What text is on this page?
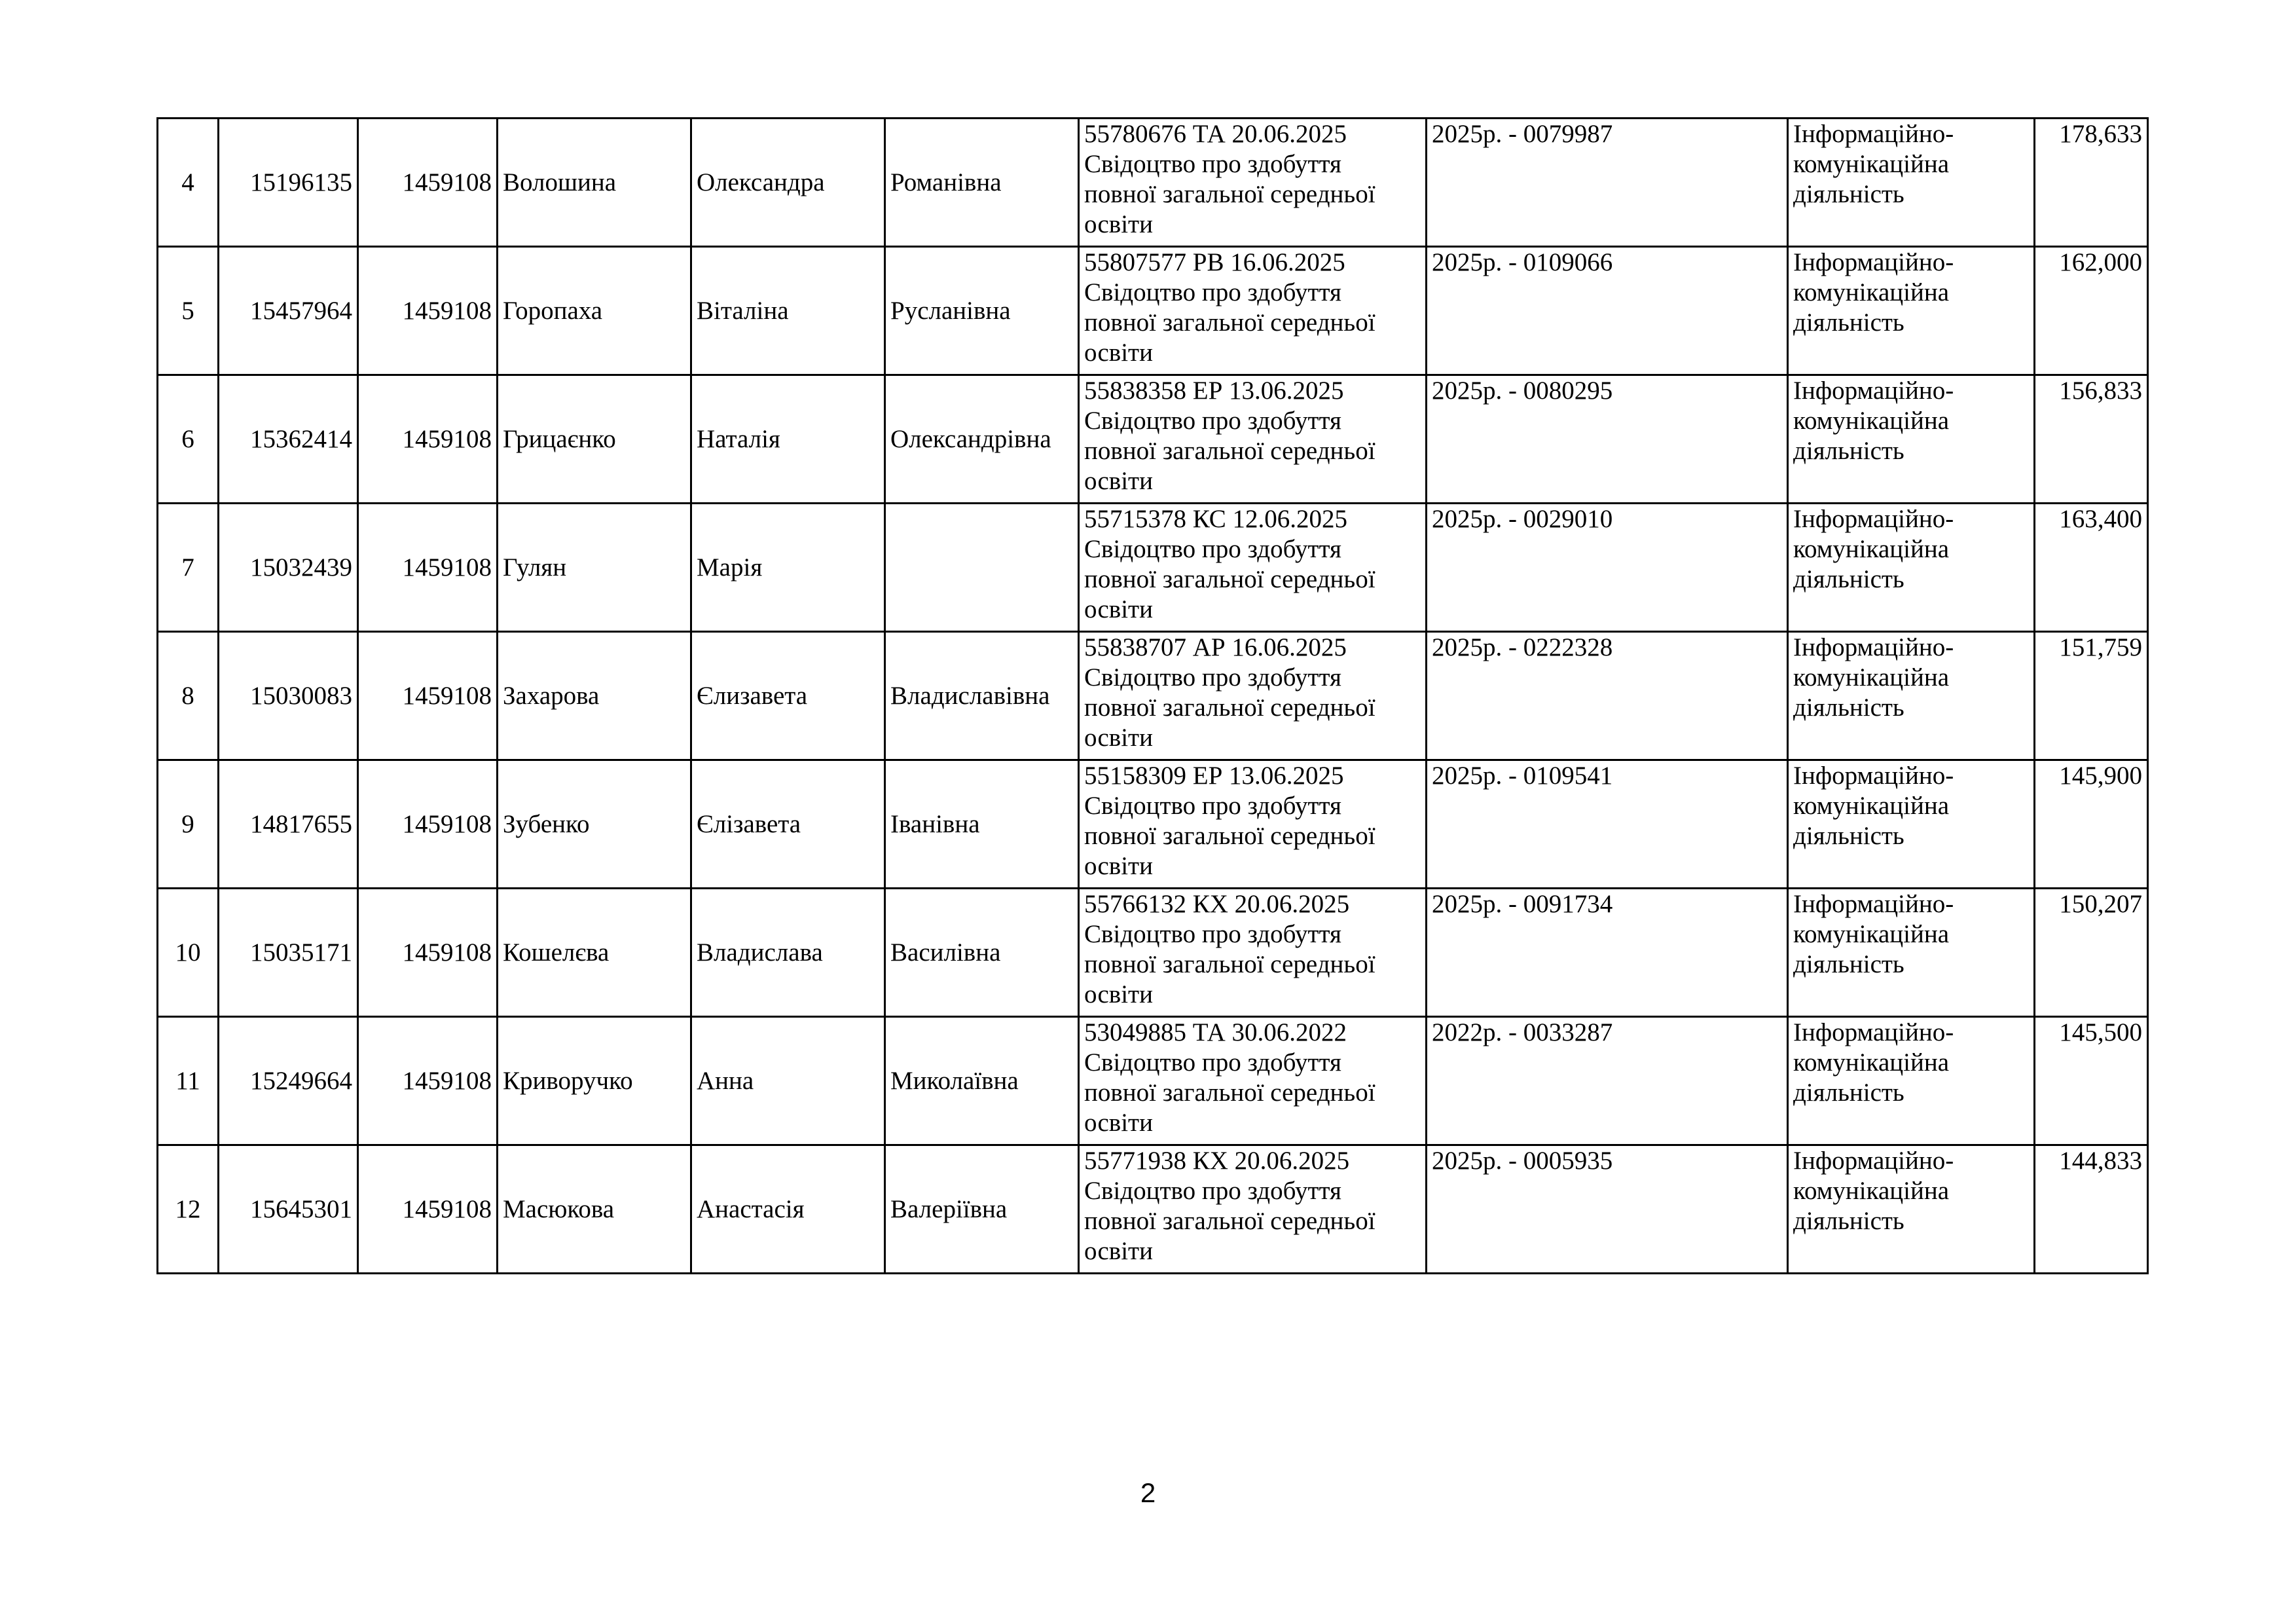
4	15196135	1459108	Волошина	Олександра	Романівна	55780676 ТА 20.06.2025
Свідоцтво про здобуття
повної загальної середньої
освіти	2025р. - 0079987	Інформаційно-
комунікаційна
діяльність	178,633
5	15457964	1459108	Горопаха	Віталіна	Русланівна	55807577 РВ 16.06.2025
Свідоцтво про здобуття
повної загальної середньої
освіти	2025р. - 0109066	Інформаційно-
комунікаційна
діяльність	162,000
6	15362414	1459108	Грицаєнко	Наталія	Олександрівна	55838358 ЕР 13.06.2025
Свідоцтво про здобуття
повної загальної середньої
освіти	2025р. - 0080295	Інформаційно-
комунікаційна
діяльність	156,833
7	15032439	1459108	Гулян	Марія		55715378 КС 12.06.2025
Свідоцтво про здобуття
повної загальної середньої
освіти	2025р. - 0029010	Інформаційно-
комунікаційна
діяльність	163,400
8	15030083	1459108	Захарова	Єлизавета	Владиславівна	55838707 АР 16.06.2025
Свідоцтво про здобуття
повної загальної середньої
освіти	2025р. - 0222328	Інформаційно-
комунікаційна
діяльність	151,759
9	14817655	1459108	Зубенко	Єлізавета	Іванівна	55158309 ЕР 13.06.2025
Свідоцтво про здобуття
повної загальної середньої
освіти	2025р. - 0109541	Інформаційно-
комунікаційна
діяльність	145,900
10	15035171	1459108	Кошелєва	Владислава	Василівна	55766132 КХ 20.06.2025
Свідоцтво про здобуття
повної загальної середньої
освіти	2025р. - 0091734	Інформаційно-
комунікаційна
діяльність	150,207
11	15249664	1459108	Криворучко	Анна	Миколаївна	53049885 ТА 30.06.2022
Свідоцтво про здобуття
повної загальної середньої
освіти	2022р. - 0033287	Інформаційно-
комунікаційна
діяльність	145,500
12	15645301	1459108	Масюкова	Анастасія	Валеріївна	55771938 КХ 20.06.2025
Свідоцтво про здобуття
повної загальної середньої
освіти	2025р. - 0005935	Інформаційно-
комунікаційна
діяльність	144,833
2
